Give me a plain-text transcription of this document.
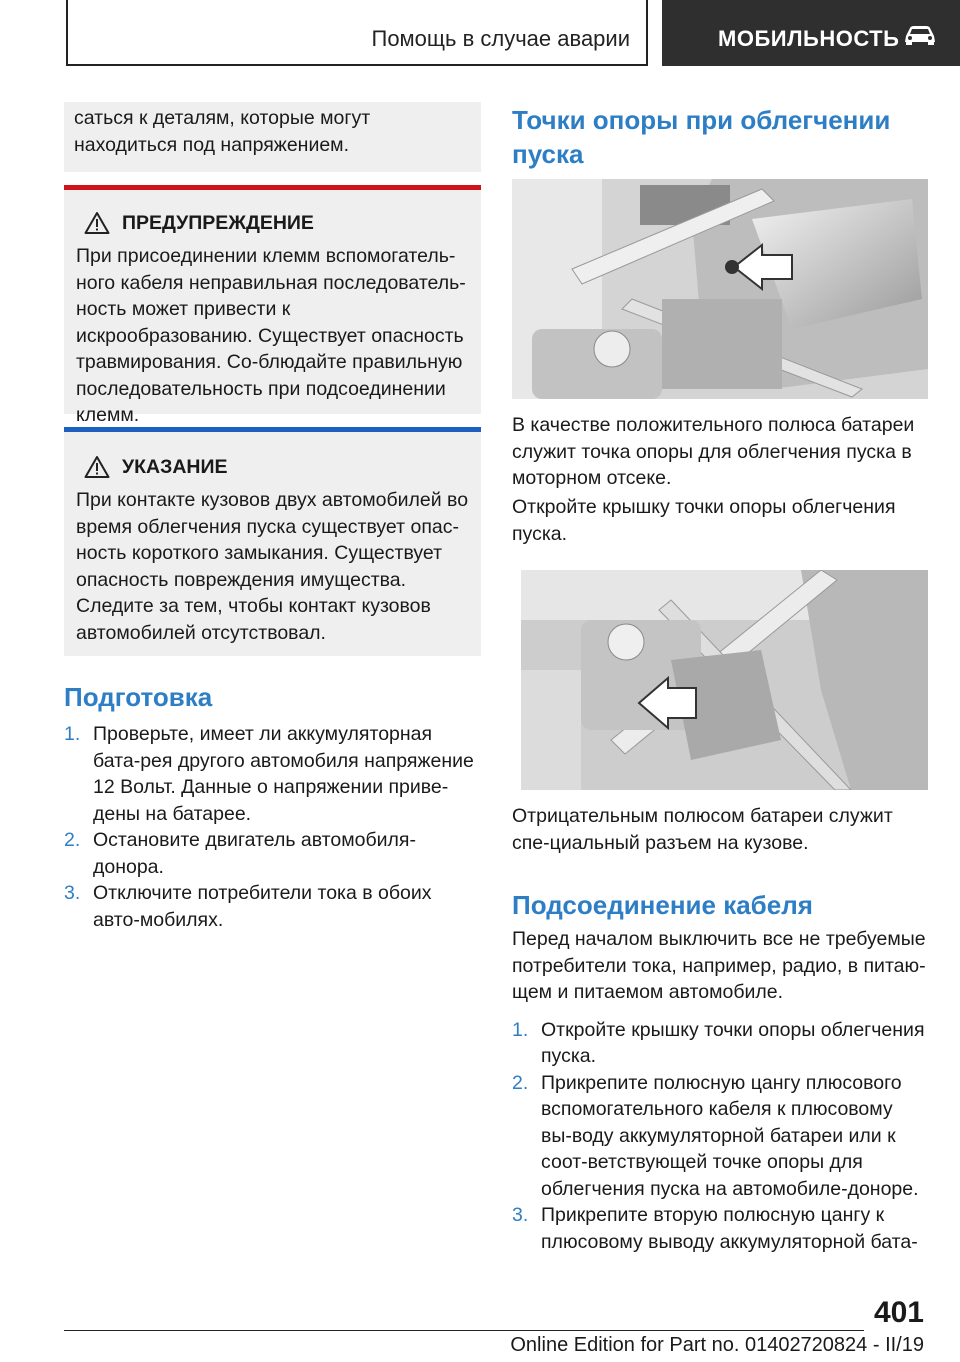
Помощь в случае аварии	МОБИЛЬНОСТЬ

саться к деталям, которые могут находиться под напряжением.

ПРЕДУПРЕЖДЕНИЕ

При присоединении клемм вспомогатель-ного кабеля неправильная последователь-ность может привести к искрообразованию. Существует опасность травмирования. Со-блюдайте правильную последовательность при подсоединении клемм.

УКАЗАНИЕ

При контакте кузовов двух автомобилей во время облегчения пуска существует опас-ность короткого замыкания. Существует опасность повреждения имущества. Следите за тем, чтобы контакт кузовов автомобилей отсутствовал.

Подготовка
1. Проверьте, имеет ли аккумуляторная бата-рея другого автомобиля напряжение 12 Вольт. Данные о напряжении приве-дены на батарее.
2. Остановите двигатель автомобиля-донора.
3. Отключите потребители тока в обоих авто-мобилях.
Точки опоры при облегчении пуска

В качестве положительного полюса батареи служит точка опоры для облегчения пуска в моторном отсеке.

Откройте крышку точки опоры облегчения пуска.

Отрицательным полюсом батареи служит спе-циальный разъем на кузове.

Подсоединение кабеля

Перед началом выключить все не требуемые потребители тока, например, радио, в питаю-щем и питаемом автомобиле.

1. Откройте крышку точки опоры облегчения пуска.
2. Прикрепите полюсную цангу плюсового вспомогательного кабеля к плюсовому вы-воду аккумуляторной батареи или к соот-ветствующей точке опоры для облегчения пуска на автомобиле-доноре.
3. Прикрепите вторую полюсную цангу к плюсовому выводу аккумуляторной бата-
401
Online Edition for Part no. 01402720824 - II/19
